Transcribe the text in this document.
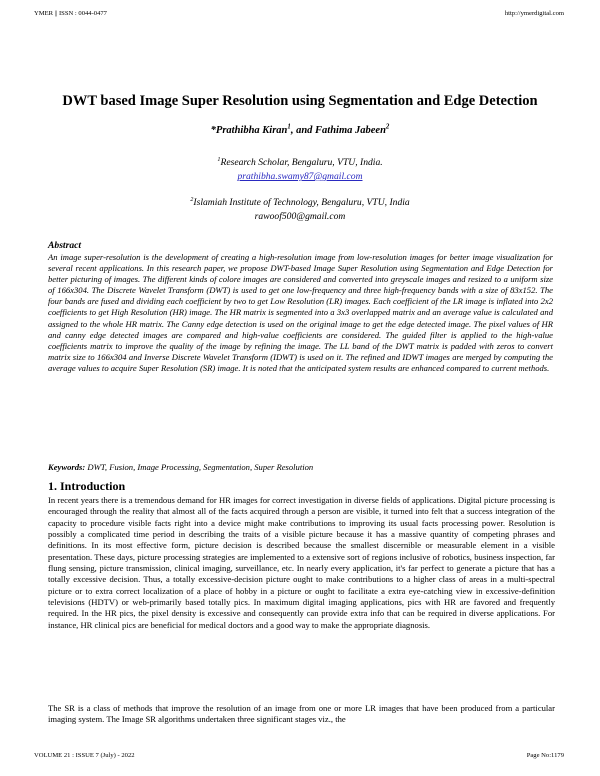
YMER || ISSN : 0044-0477	http://ymerdigital.com
DWT based Image Super Resolution using Segmentation and Edge Detection
*Prathibha Kiran$^1$, and Fathima Jabeen$^2$
$^1$Research Scholar, Bengaluru, VTU, India.
prathibha.swamy87@gmail.com
$^2$Islamiah Institute of Technology, Bengaluru, VTU, India
rawoof500@gmail.com
Abstract
An image super-resolution is the development of creating a high-resolution image from low-resolution images for better image visualization for several recent applications. In this research paper, we propose DWT-based Image Super Resolution using Segmentation and Edge Detection for better picturing of images. The different kinds of colore images are considered and converted into greyscale images and resized to a uniform size of 166x304. The Discrete Wavelet Transform (DWT) is used to get one low-frequency and three high-frequency bands with a size of 83x152. The four bands are fused and dividing each coefficient by two to get Low Resolution (LR) images. Each coefficient of the LR image is inflated into 2x2 coefficients to get High Resolution (HR) image. The HR matrix is segmented into a 3x3 overlapped matrix and an average value is calculated and assigned to the whole HR matrix. The Canny edge detection is used on the original image to get the edge detected image. The pixel values of HR and canny edge detected images are compared and high-value coefficients are considered. The guided filter is applied to the high-value coefficients matrix to improve the quality of the image by refining the image. The LL band of the DWT matrix is padded with zeros to convert matrix size to 166x304 and Inverse Discrete Wavelet Transform (IDWT) is used on it. The refined and IDWT images are merged by computing the average values to acquire Super Resolution (SR) image. It is noted that the anticipated system results are enhanced compared to current methods.
Keywords: DWT, Fusion, Image Processing, Segmentation, Super Resolution
1. Introduction
In recent years there is a tremendous demand for HR images for correct investigation in diverse fields of applications. Digital picture processing is encouraged through the reality that almost all of the facts acquired through a person are visible, it turned into felt that a success integration of the capacity to procedure visible facts right into a device might make contributions to improving its usual facts processing power. Resolution is possibly a complicated time period in describing the traits of a visible picture because it has a massive quantity of competing phrases and definitions. In its most effective form, picture decision is described because the smallest discernible or measurable element in a visible presentation. These days, picture processing strategies are implemented to a extensive sort of regions inclusive of robotics, business inspection, far flung sensing, picture transmission, clinical imaging, surveillance, etc. In nearly every application, it's far perfect to generate a picture that has a totally excessive decision. Thus, a totally excessive-decision picture ought to make contributions to a higher class of areas in a multi-spectral picture or to extra correct localization of a place of hobby in a picture or ought to facilitate a extra eye-catching view in excessive-definition televisions (HDTV) or web-primarily based totally pics. In maximum digital imaging applications, pics with HR are favored and frequently required. In the HR pics, the pixel density is excessive and consequently can provide extra info that can be required in diverse applications. For instance, HR clinical pics are beneficial for medical doctors and a good way to make the appropriate diagnosis.
The SR is a class of methods that improve the resolution of an image from one or more LR images that have been produced from a particular imaging system. The Image SR algorithms undertaken three significant stages viz., the
VOLUME 21 : ISSUE 7 (July) - 2022	Page No:1179
